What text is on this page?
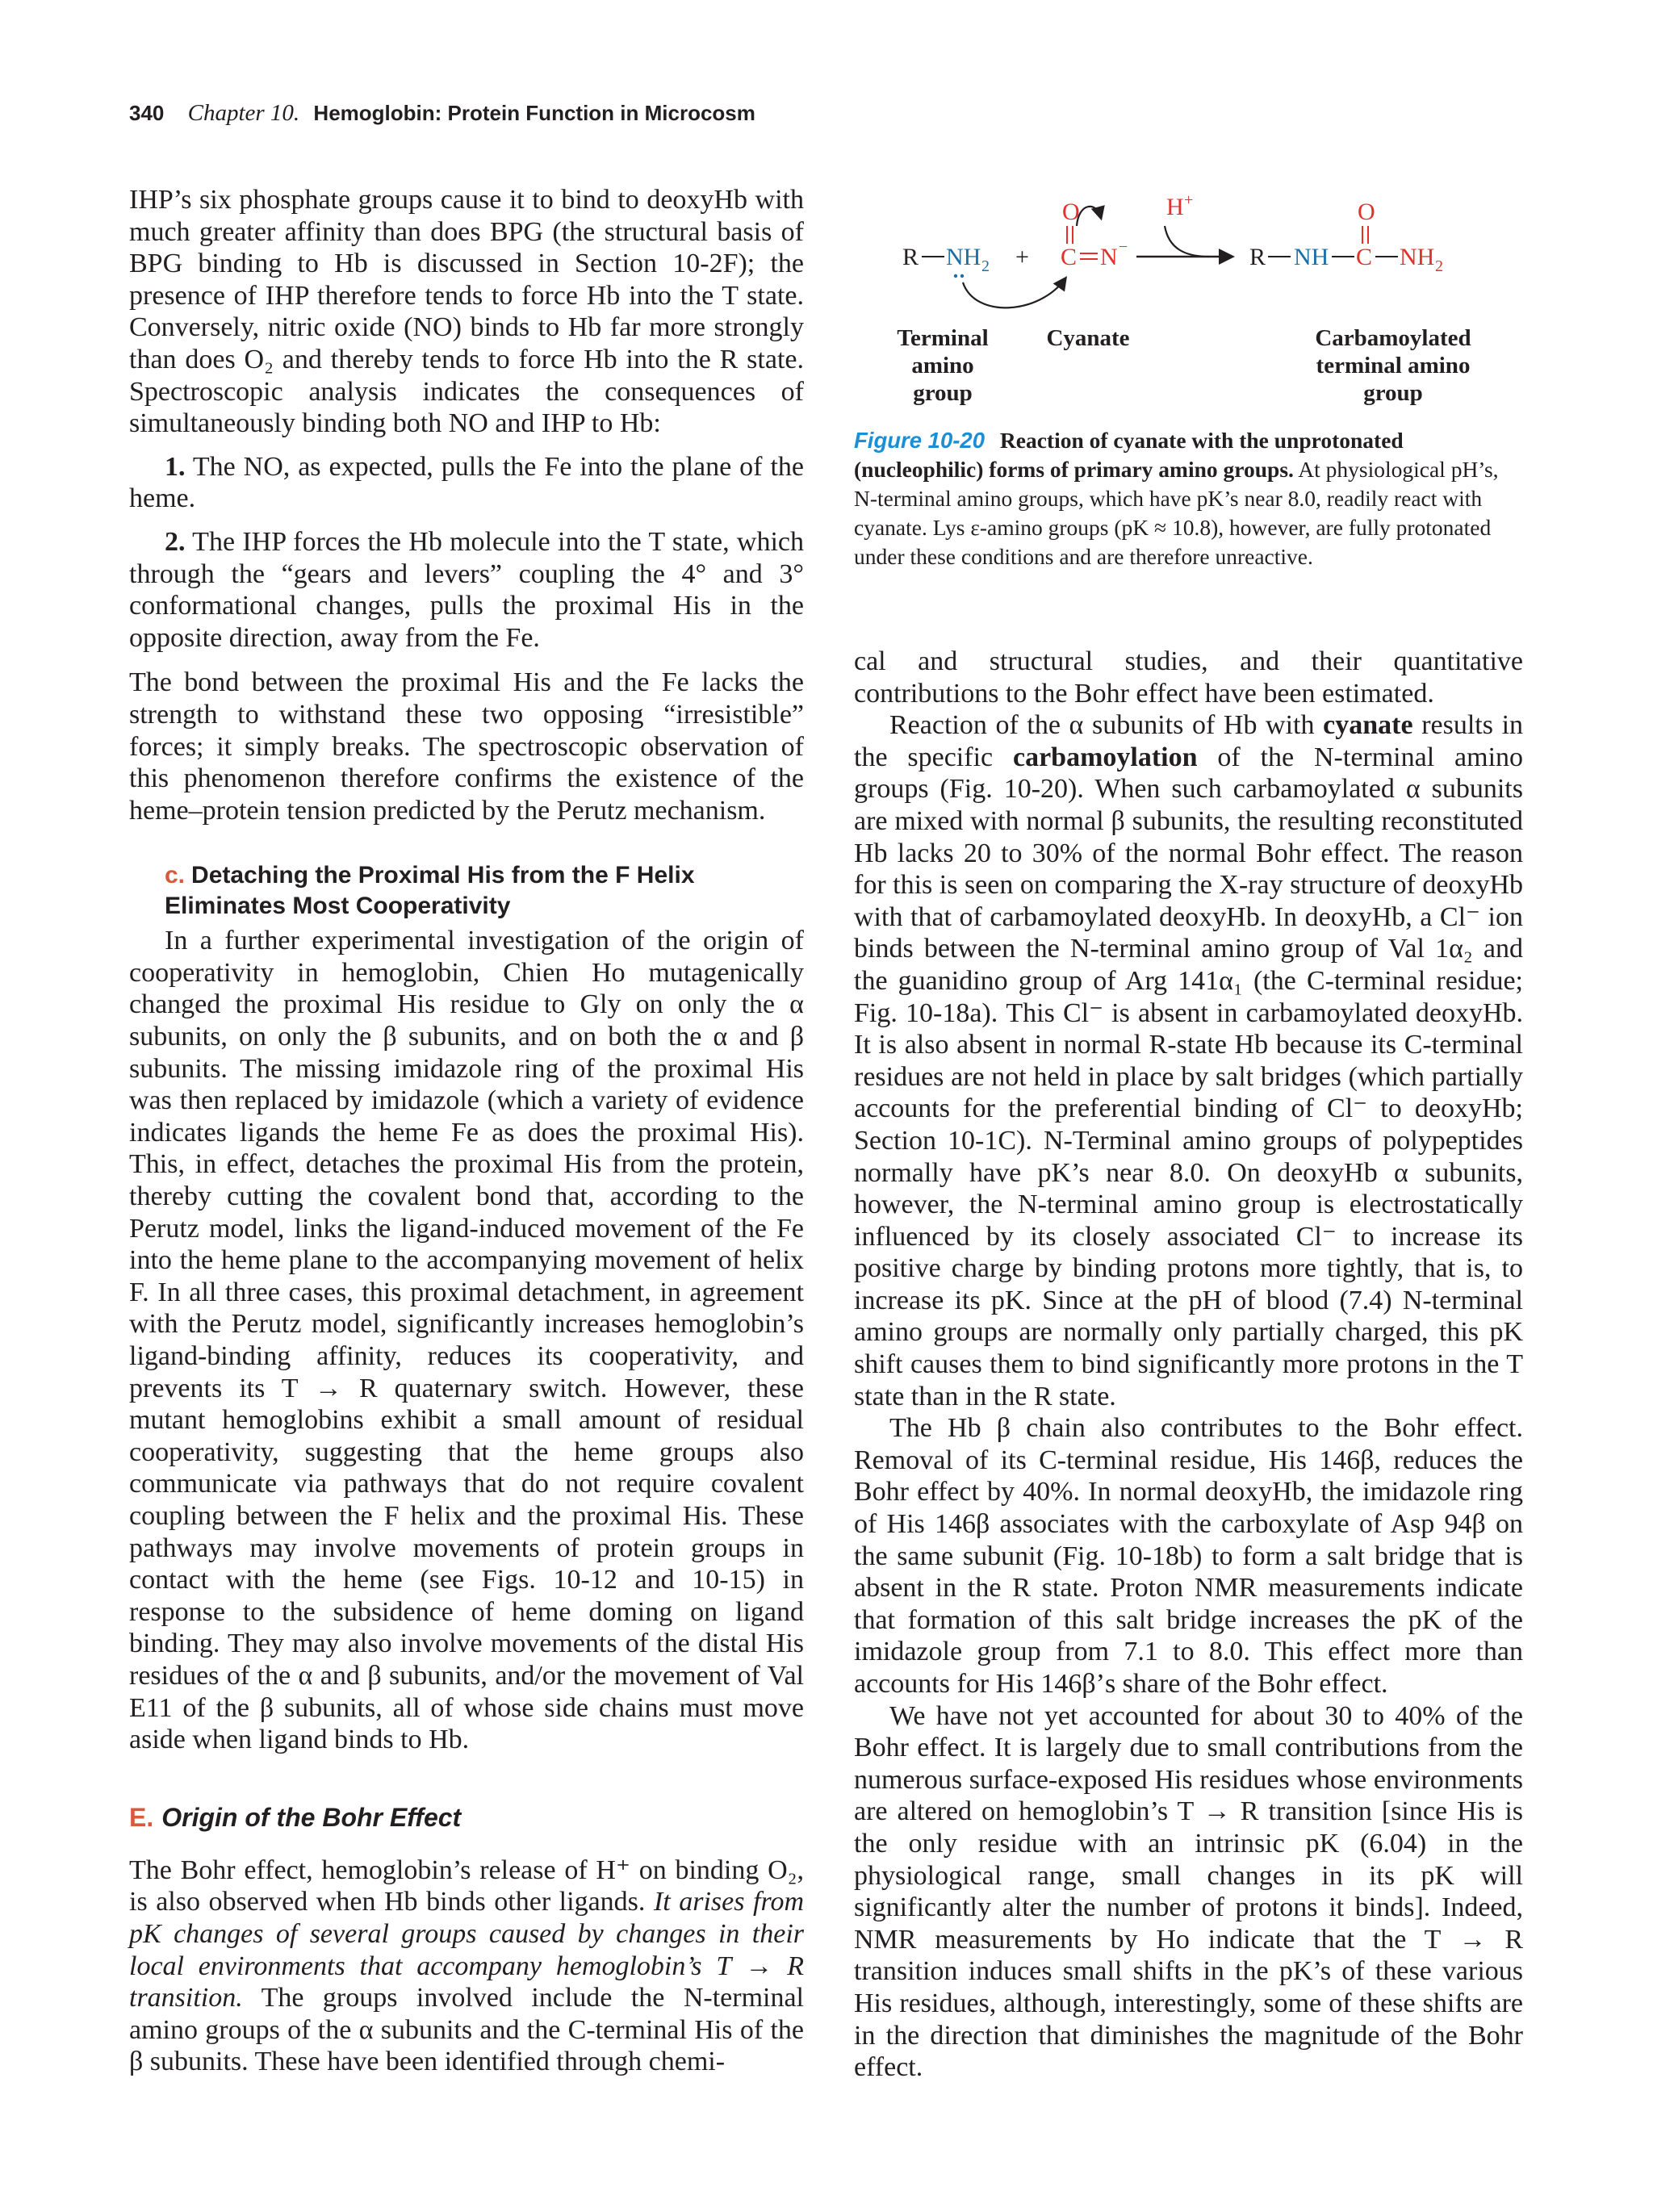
340 Chapter 10. Hemoglobin: Protein Function in Microcosm

IHP’s six phosphate groups cause it to bind to deoxyHb with much greater affinity than does BPG (the structural basis of BPG binding to Hb is discussed in Section 10-2F); the presence of IHP therefore tends to force Hb into the T state. Conversely, nitric oxide (NO) binds to Hb far more strongly than does O₂ and thereby tends to force Hb into the R state. Spectroscopic analysis indicates the consequences of simultaneously binding both NO and IHP to Hb:

1. The NO, as expected, pulls the Fe into the plane of the heme.

2. The IHP forces the Hb molecule into the T state, which through the “gears and levers” coupling the 4° and 3° conformational changes, pulls the proximal His in the opposite direction, away from the Fe.

The bond between the proximal His and the Fe lacks the strength to withstand these two opposing “irresistible” forces; it simply breaks. The spectroscopic observation of this phenomenon therefore confirms the existence of the heme–protein tension predicted by the Perutz mechanism.

c. Detaching the Proximal His from the F Helix Eliminates Most Cooperativity

In a further experimental investigation of the origin of cooperativity in hemoglobin, Chien Ho mutagenically changed the proximal His residue to Gly on only the α subunits, on only the β subunits, and on both the α and β subunits. The missing imidazole ring of the proximal His was then replaced by imidazole (which a variety of evidence indicates ligands the heme Fe as does the proximal His). This, in effect, detaches the proximal His from the protein, thereby cutting the covalent bond that, according to the Perutz model, links the ligand-induced movement of the Fe into the heme plane to the accompanying movement of helix F. In all three cases, this proximal detachment, in agreement with the Perutz model, significantly increases hemoglobin’s ligand-binding affinity, reduces its cooperativity, and prevents its T → R quaternary switch. However, these mutant hemoglobins exhibit a small amount of residual cooperativity, suggesting that the heme groups also communicate via pathways that do not require covalent coupling between the F helix and the proximal His. These pathways may involve movements of protein groups in contact with the heme (see Figs. 10-12 and 10-15) in response to the subsidence of heme doming on ligand binding. They may also involve movements of the distal His residues of the α and β subunits, and/or the movement of Val E11 of the β subunits, all of whose side chains must move aside when ligand binds to Hb.

E. Origin of the Bohr Effect

The Bohr effect, hemoglobin’s release of H⁺ on binding O₂, is also observed when Hb binds other ligands. It arises from pK changes of several groups caused by changes in their local environments that accompany hemoglobin’s T → R transition. The groups involved include the N-terminal amino groups of the α subunits and the C-terminal His of the β subunits. These have been identified through chemi-

R NH 2 +
O
C N −
H +
R NH
O
C NH 2
Terminal
amino
group
Cyanate	Carbamoylated
terminal amino
group
Figure 10-20 Reaction of cyanate with the unprotonated (nucleophilic) forms of primary amino groups. At physiological pH’s, N-terminal amino groups, which have pK’s near 8.0, readily react with cyanate. Lys ε-amino groups (pK ≈ 10.8), however, are fully protonated under these conditions and are therefore unreactive.

cal and structural studies, and their quantitative contributions to the Bohr effect have been estimated.

Reaction of the α subunits of Hb with cyanate results in the specific carbamoylation of the N-terminal amino groups (Fig. 10-20). When such carbamoylated α subunits are mixed with normal β subunits, the resulting reconstituted Hb lacks 20 to 30% of the normal Bohr effect. The reason for this is seen on comparing the X-ray structure of deoxyHb with that of carbamoylated deoxyHb. In deoxyHb, a Cl⁻ ion binds between the N-terminal amino group of Val 1α₂ and the guanidino group of Arg 141α₁ (the C-terminal residue; Fig. 10-18a). This Cl⁻ is absent in carbamoylated deoxyHb. It is also absent in normal R-state Hb because its C-terminal residues are not held in place by salt bridges (which partially accounts for the preferential binding of Cl⁻ to deoxyHb; Section 10-1C). N-Terminal amino groups of polypeptides normally have pK’s near 8.0. On deoxyHb α subunits, however, the N-terminal amino group is electrostatically influenced by its closely associated Cl⁻ to increase its positive charge by binding protons more tightly, that is, to increase its pK. Since at the pH of blood (7.4) N-terminal amino groups are normally only partially charged, this pK shift causes them to bind significantly more protons in the T state than in the R state.

The Hb β chain also contributes to the Bohr effect. Removal of its C-terminal residue, His 146β, reduces the Bohr effect by 40%. In normal deoxyHb, the imidazole ring of His 146β associates with the carboxylate of Asp 94β on the same subunit (Fig. 10-18b) to form a salt bridge that is absent in the R state. Proton NMR measurements indicate that formation of this salt bridge increases the pK of the imidazole group from 7.1 to 8.0. This effect more than accounts for His 146β’s share of the Bohr effect.

We have not yet accounted for about 30 to 40% of the Bohr effect. It is largely due to small contributions from the numerous surface-exposed His residues whose environments are altered on hemoglobin’s T → R transition [since His is the only residue with an intrinsic pK (6.04) in the physiological range, small changes in its pK will significantly alter the number of protons it binds]. Indeed, NMR measurements by Ho indicate that the T → R transition induces small shifts in the pK’s of these various His residues, although, interestingly, some of these shifts are in the direction that diminishes the magnitude of the Bohr effect.
